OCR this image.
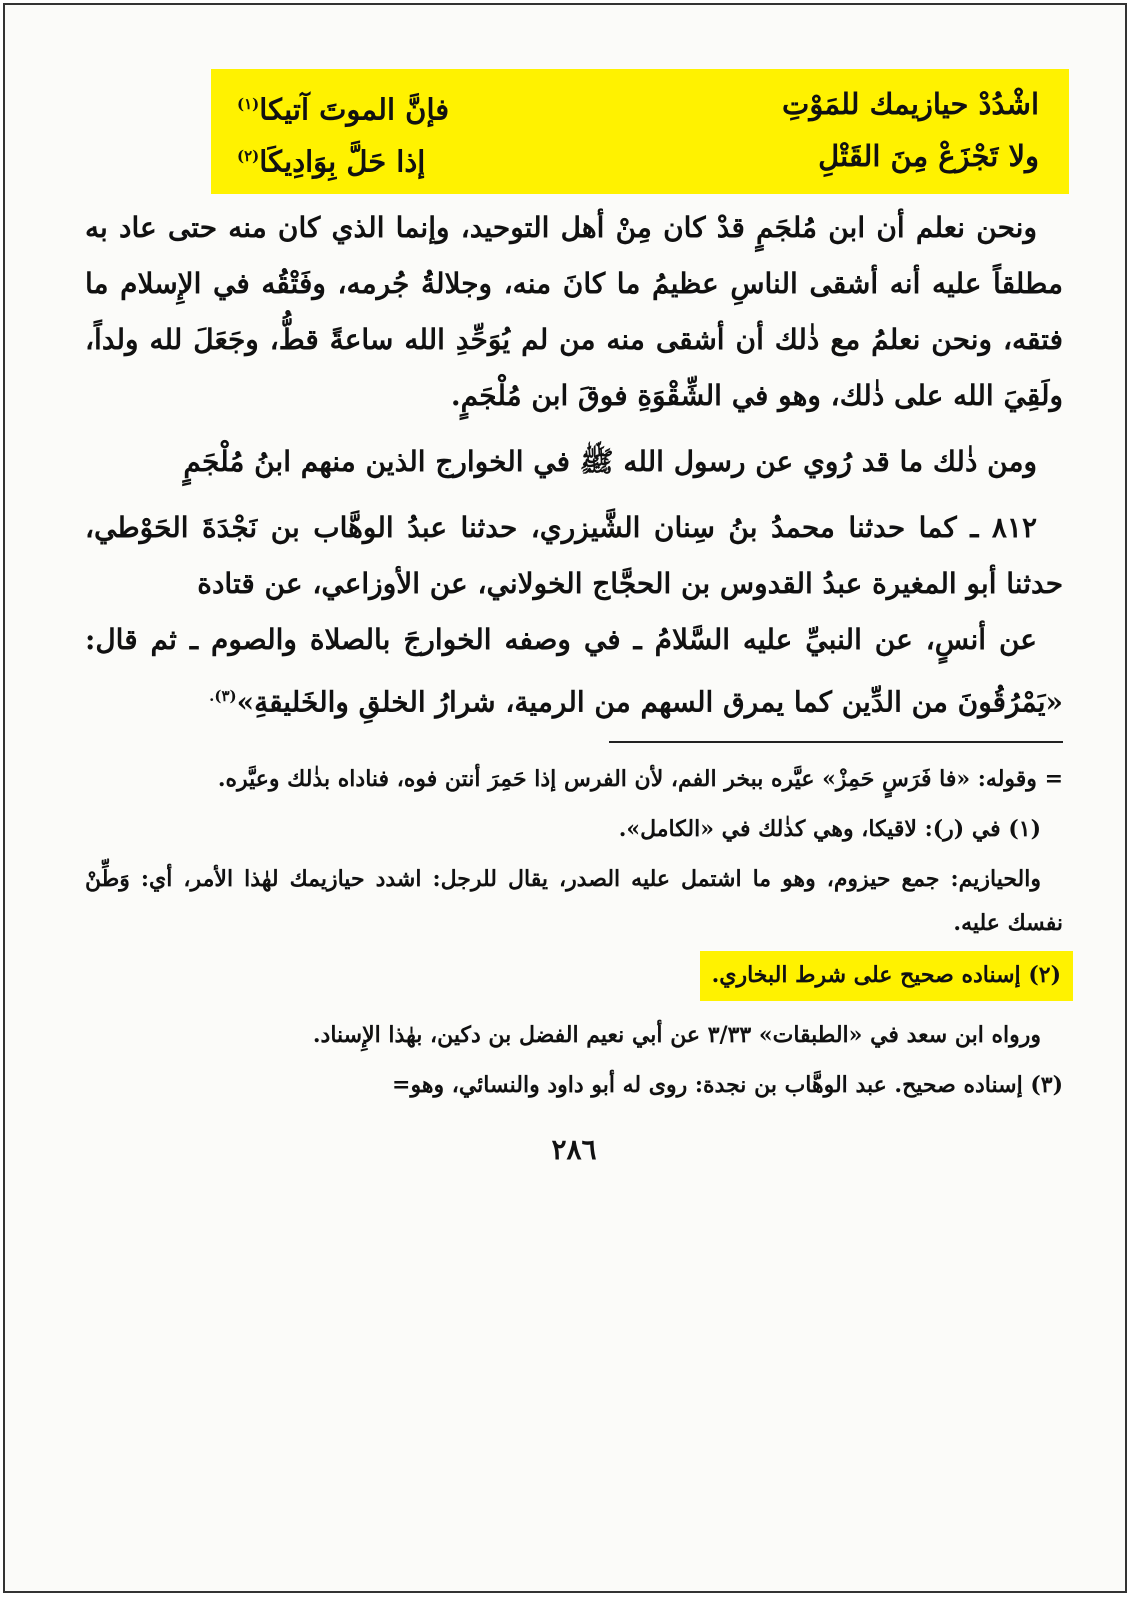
اشْدُدْ حيازيمك للمَوْتِ
فإنَّ الموتَ آتيكا$^{(١)}$
ولا تَجْزَعْ مِنَ القَتْلِ
إذا حَلَّ بِوَادِيكَا$^{(٢)}$

ونحن نعلم أن ابن مُلجَمٍ قدْ كان مِنْ أهل التوحيد، وإنما الذي كان منه حتى عاد به مطلقاً عليه أنه أشقى الناسِ عظيمُ ما كانَ منه، وجلالةُ جُرمه، وفَتْقُه في الإِسلام ما فتقه، ونحن نعلمُ مع ذٰلك أن أشقى منه من لم يُوَحِّدِ الله ساعةً قطُّ، وجَعَلَ لله ولداً، ولَقِيَ الله على ذٰلك، وهو في الشِّقْوَةِ فوقَ ابن مُلْجَمٍ.

ومن ذٰلك ما قد رُوي عن رسول الله ﷺ في الخوارج الذين منهم ابنُ مُلْجَمٍ

٨١٢ ـ كما حدثنا محمدُ بنُ سِنان الشَّيزري، حدثنا عبدُ الوهَّاب بن نَجْدَةَ الحَوْطي، حدثنا أبو المغيرة عبدُ القدوس بن الحجَّاج الخولاني، عن الأوزاعي، عن قتادة

عن أنسٍ، عن النبيِّ عليه السَّلامُ ـ في وصفه الخوارجَ بالصلاة والصوم ـ ثم قال: «يَمْرُقُونَ من الدِّين كما يمرق السهم من الرمية، شرارُ الخلقِ والخَليقةِ»$^{(٣).}$

= وقوله: «فا فَرَسٍ حَمِزْ» عيَّره ببخر الفم، لأن الفرس إذا حَمِرَ أنتن فوه، فناداه بذٰلك وعيَّره.

(١) في (ر): لاقيكا، وهي كذٰلك في «الكامل».

والحيازيم: جمع حيزوم، وهو ما اشتمل عليه الصدر، يقال للرجل: اشدد حيازيمك لهٰذا الأمر، أي: وَطِّنْ نفسك عليه.

(٢) إسناده صحيح على شرط البخاري.

ورواه ابن سعد في «الطبقات» ٣/٣٣ عن أبي نعيم الفضل بن دكين، بهٰذا الإِسناد.

(٣) إسناده صحيح. عبد الوهَّاب بن نجدة: روى له أبو داود والنسائي، وهو=

٢٨٦
